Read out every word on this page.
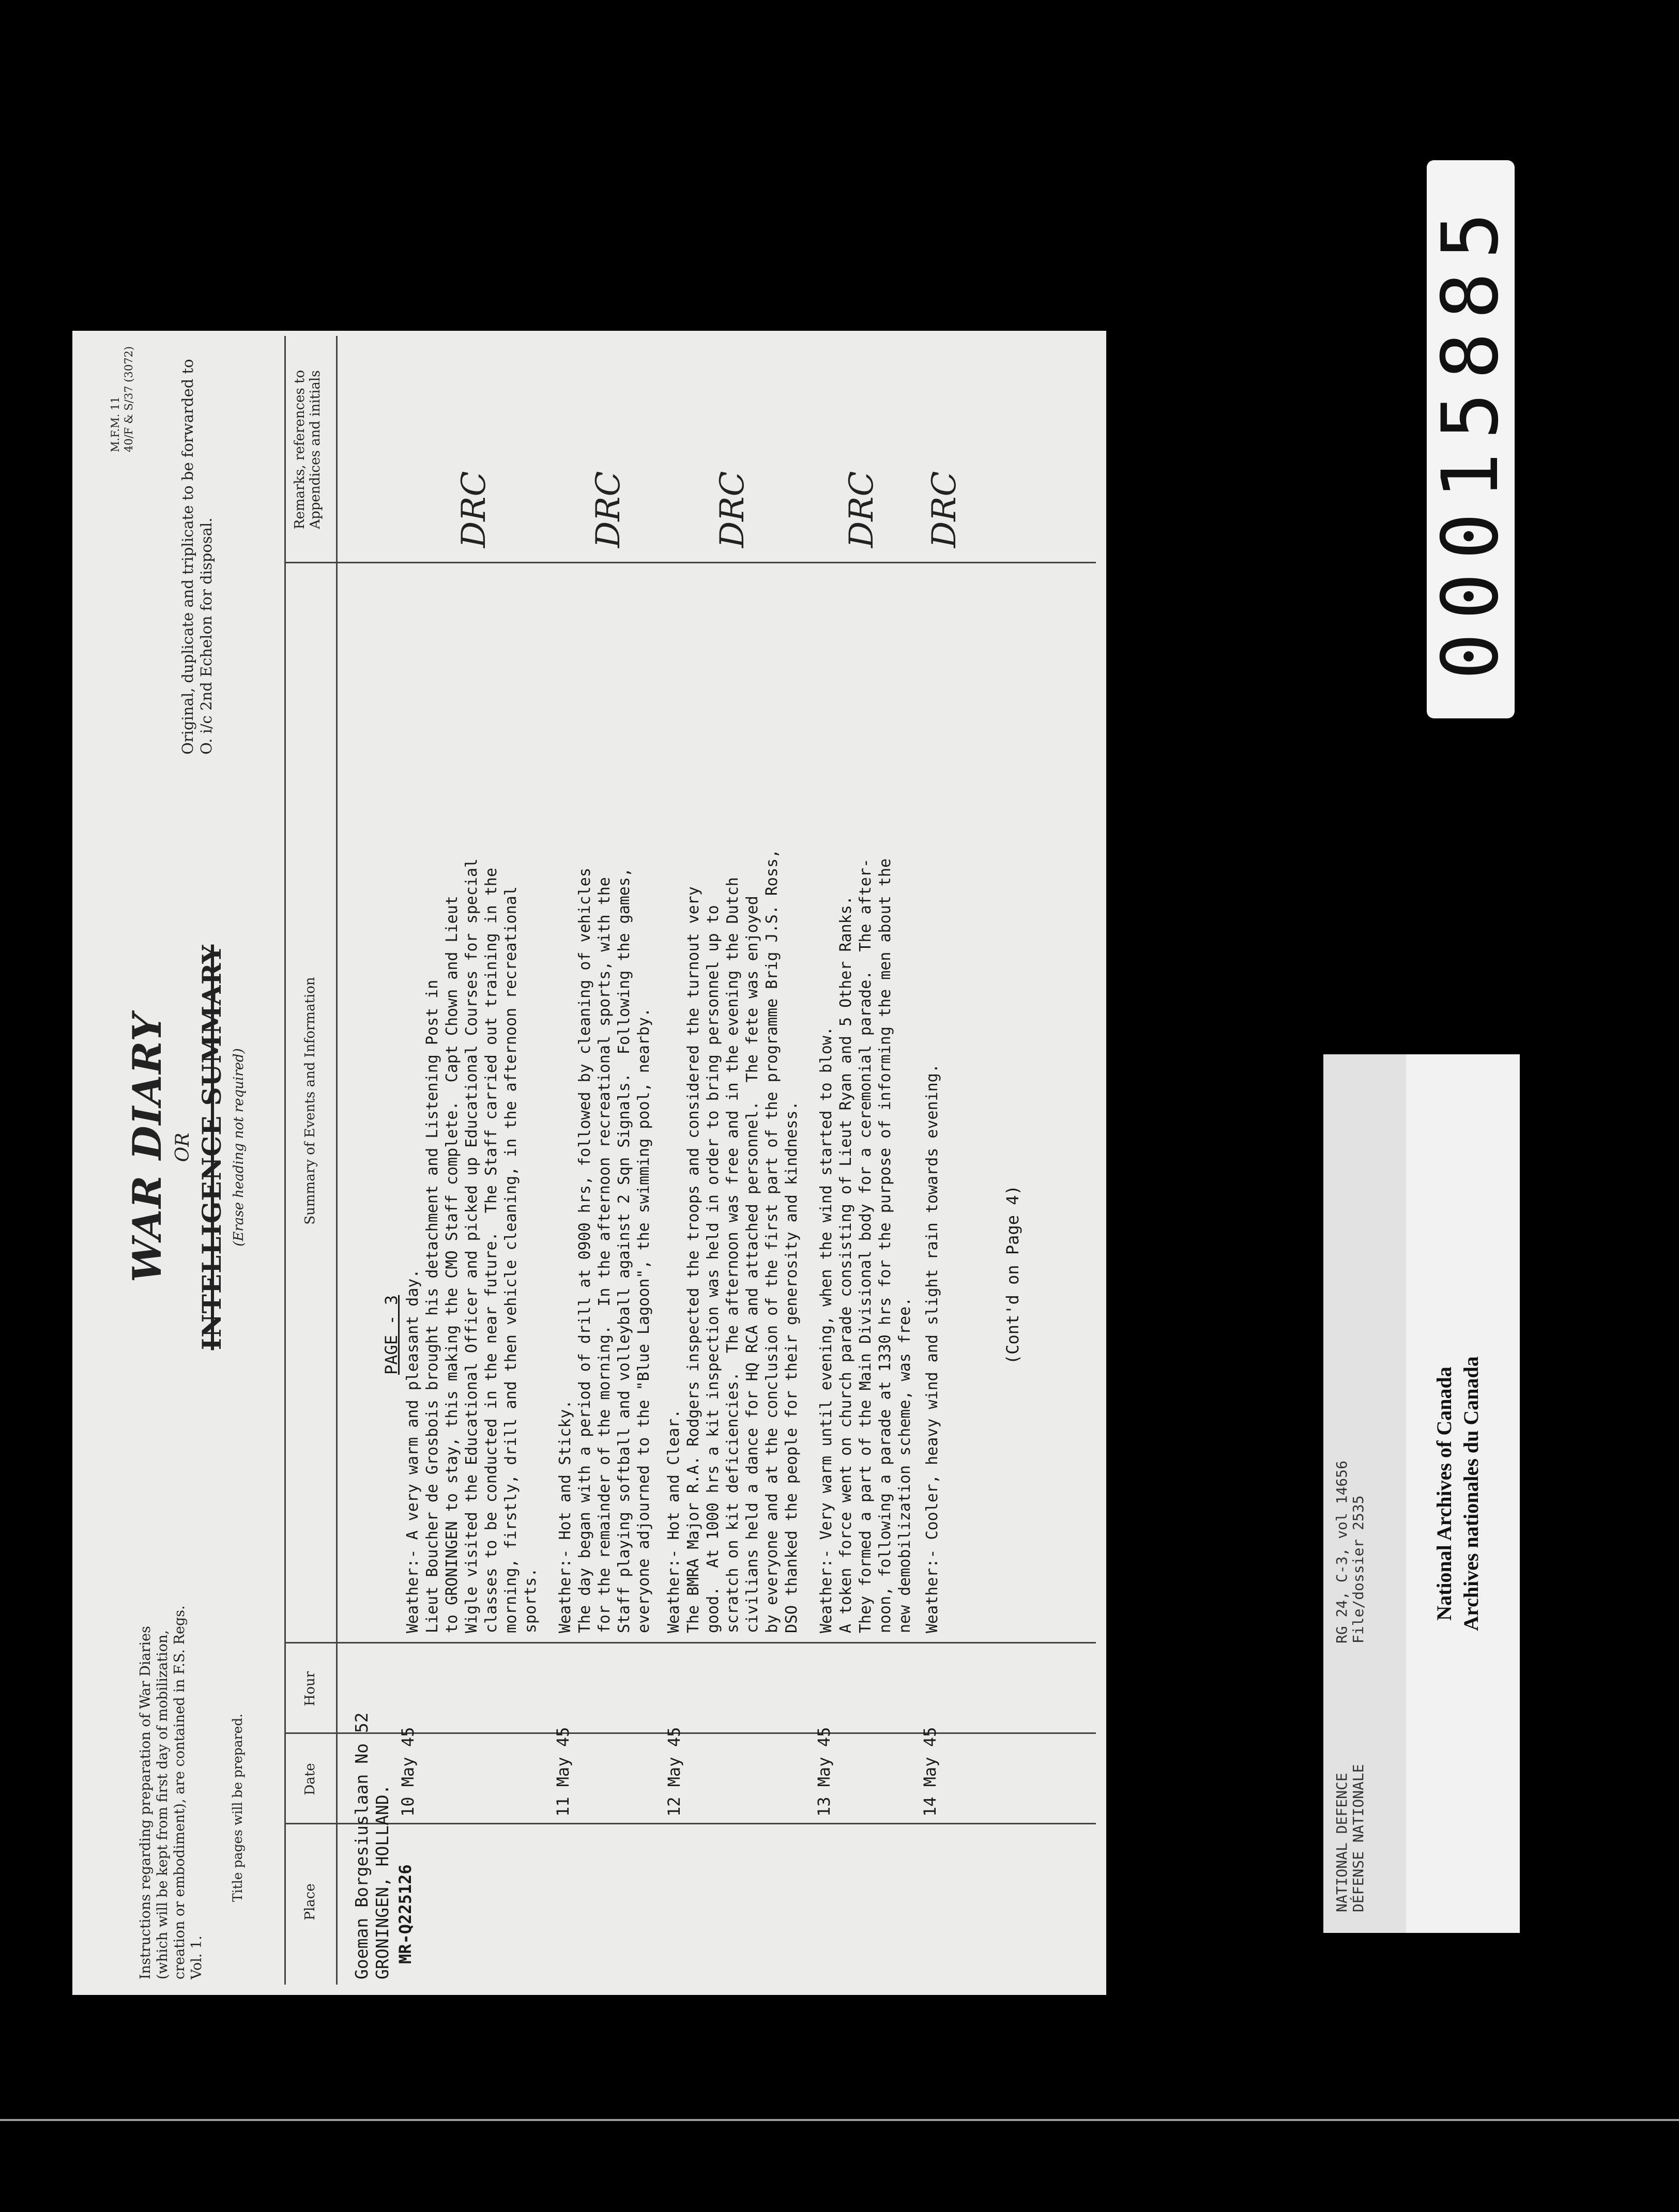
M.F.M. 11
40/F & S/37 (3072)
Instructions regarding preparation of War Diaries (which will be kept from first day of mobilization, creation or embodiment), are contained in F.S. Regs. Vol. 1.
Title pages will be prepared.
WAR DIARY OR INTELLIGENCE SUMMARY (Erase heading not required)
Original, duplicate and triplicate to be forwarded to O. i/c 2nd Echelon for disposal.
Place
Date
Hour
Summary of Events and Information
Remarks, references to Appendices and initials
Goeman Borgesiuslaan No 52
GRONINGEN, HOLLAND.
MR-Q225126
PAGE - 3
10 May 45
Weather:- A very warm and pleasant day.
Lieut Boucher de Grosbois brought his detachment and Listening Post in
to GRONINGEN to stay, this making the CMO Staff complete.  Capt Chown and Lieut
Wigle visited the Educational Officer and picked up Educational Courses for special
classes to be conducted in the near future.  The Staff carried out training in the
morning, firstly, drill and then vehicle cleaning, in the afternoon recreational
sports.
DRC
11 May 45
Weather:- Hot and Sticky.
The day began with a period of drill at 0900 hrs, followed by cleaning of vehicles
for the remainder of the morning.  In the afternoon recreational sports, with the
Staff playing softball and volleyball against 2 Sqn Signals.  Following the games,
everyone adjourned to the "Blue Lagoon", the swimming pool, nearby.
DRC
12 May 45
Weather:- Hot and Clear.
The BMRA Major R.A. Rodgers inspected the troops and considered the turnout very
good.  At 1000 hrs a kit inspection was held in order to bring personnel up to
scratch on kit deficiencies.  The afternoon was free and in the evening the Dutch
civilians held a dance for HQ RCA and attached personnel.  The fete was enjoyed
by everyone and at the conclusion of the first part of the programme Brig J.S. Ross,
DSO thanked the people for their generosity and kindness.
DRC
13 May 45
Weather:- Very warm until evening, when the wind started to blow.
A token force went on church parade consisting of Lieut Ryan and 5 Other Ranks.
They formed a part of the Main Divisional body for a ceremonial parade.  The after-
noon, following a parade at 1330 hrs for the purpose of informing the men about the
new demobilization scheme, was free.
DRC
14 May 45
Weather:- Cooler, heavy wind and slight rain towards evening.
DRC
(Cont'd on Page 4)
NATIONAL DEFENCE DÉFENSE NATIONALE
RG 24, C-3, vol 14656 File/dossier 2535	National Archives of Canada Archives nationales du Canada
00015885
